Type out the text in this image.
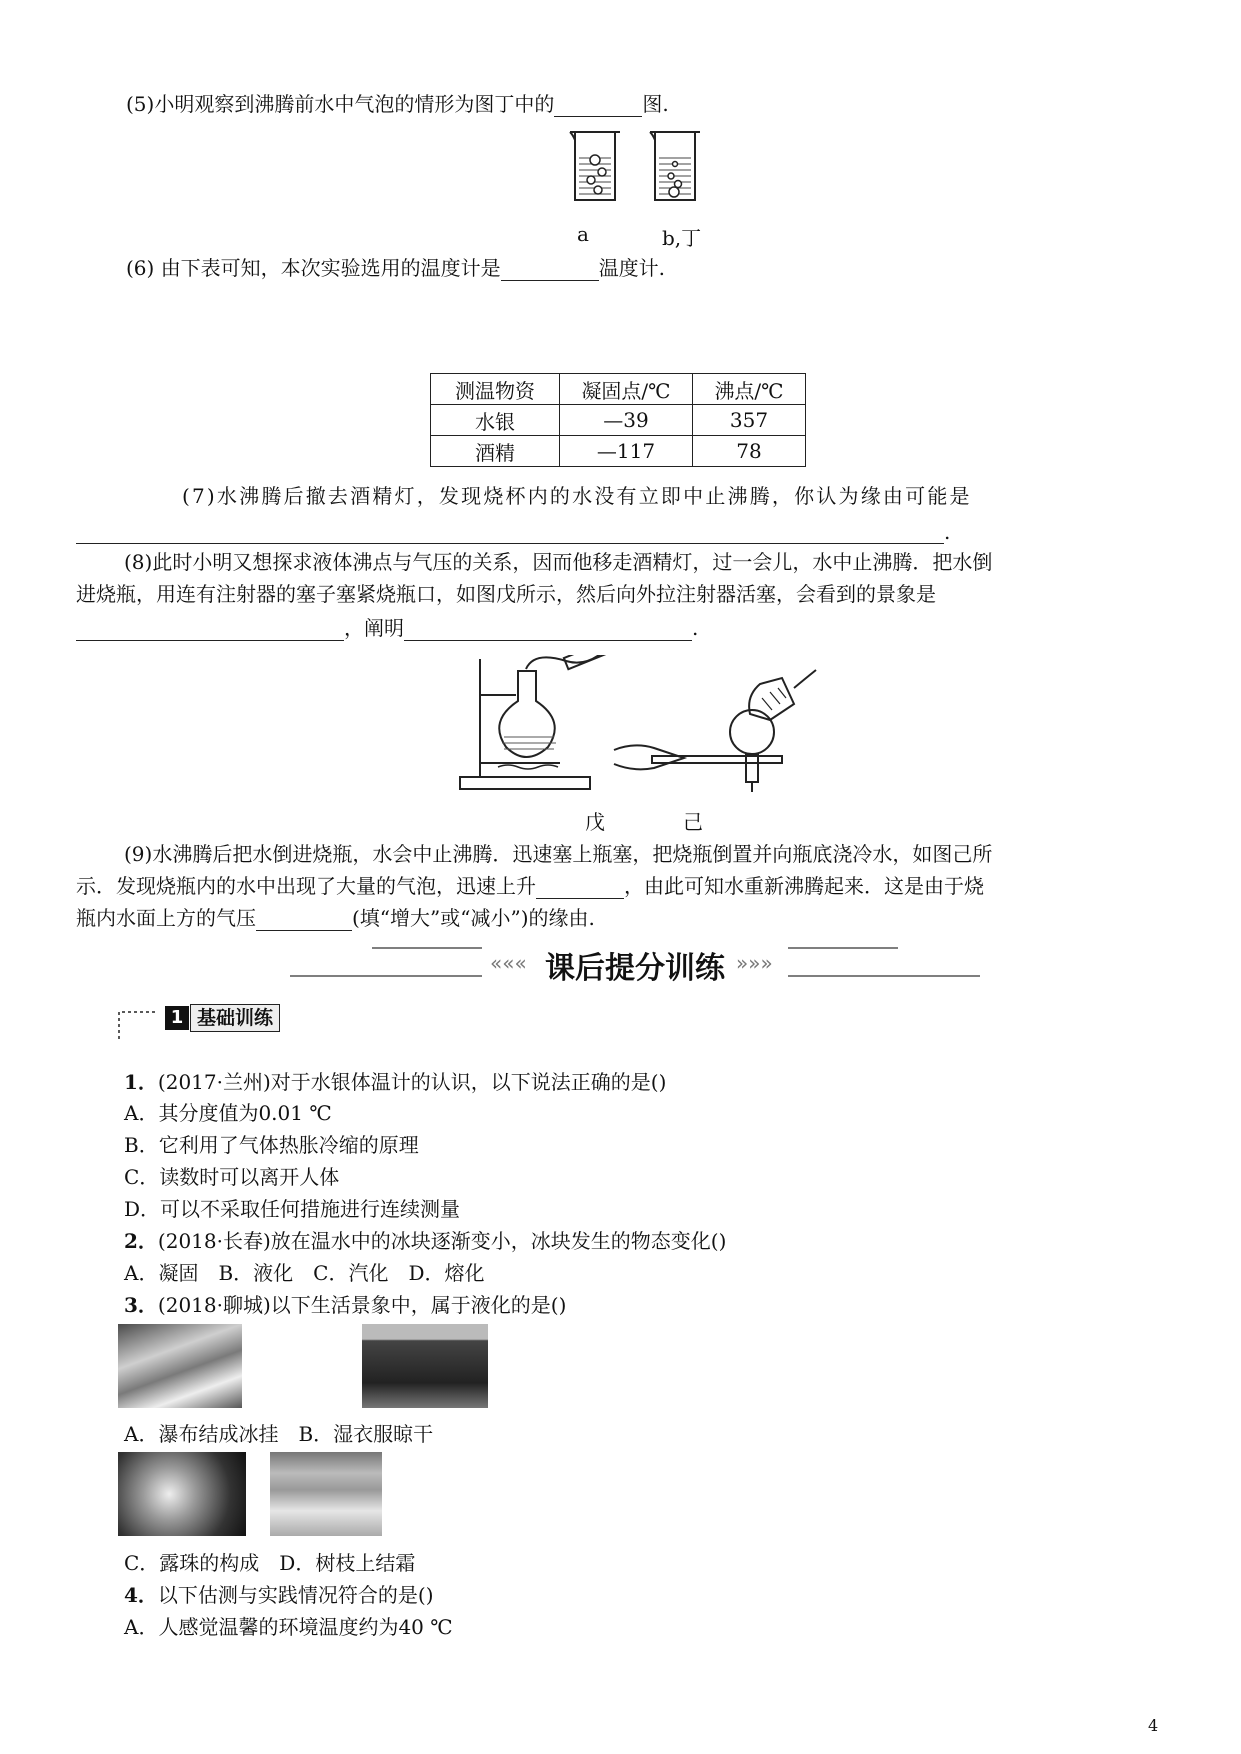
(5)小明观察到沸腾前水中气泡的情形为图丁中的	图.
a	b,丁
(6) 由下表可知，本次实验选用的温度计是	温度计.
测温物资	凝固点/℃	沸点/℃
水银	—39	357
酒精	—117	78
(7)水沸腾后撤去酒精灯，发现烧杯内的水没有立即中止沸腾，你认为缘由可能是
.
(8)此时小明又想探求液体沸点与气压的关系，因而他移走酒精灯，过一会儿，水中止沸腾．把水倒
进烧瓶，用连有注射器的塞子塞紧烧瓶口，如图戊所示，然后向外拉注射器活塞，会看到的景象是
，阐明	.
戊	己
(9)水沸腾后把水倒进烧瓶，水会中止沸腾．迅速塞上瓶塞，把烧瓶倒置并向瓶底浇冷水，如图己所
示．发现烧瓶内的水中出现了大量的气泡，迅速上升	，由此可知水重新沸腾起来．这是由于烧
瓶内水面上方的气压	(填“增大”或“减小”)的缘由.
«««	»»»
课后提分训练
1 基础训练
1．(2017·兰州)对于水银体温计的认识，以下说法正确的是()
A．其分度值为0.01 ℃
B．它利用了气体热胀冷缩的原理
C．读数时可以离开人体
D．可以不采取任何措施进行连续测量
2．(2018·长春)放在温水中的冰块逐渐变小，冰块发生的物态变化()
A．凝固　B．液化　C．汽化　D．熔化
3．(2018·聊城)以下生活景象中，属于液化的是()
A．瀑布结成冰挂　B．湿衣服晾干
C．露珠的构成　D．树枝上结霜
4．以下估测与实践情况符合的是()
A．人感觉温馨的环境温度约为40 ℃
4
